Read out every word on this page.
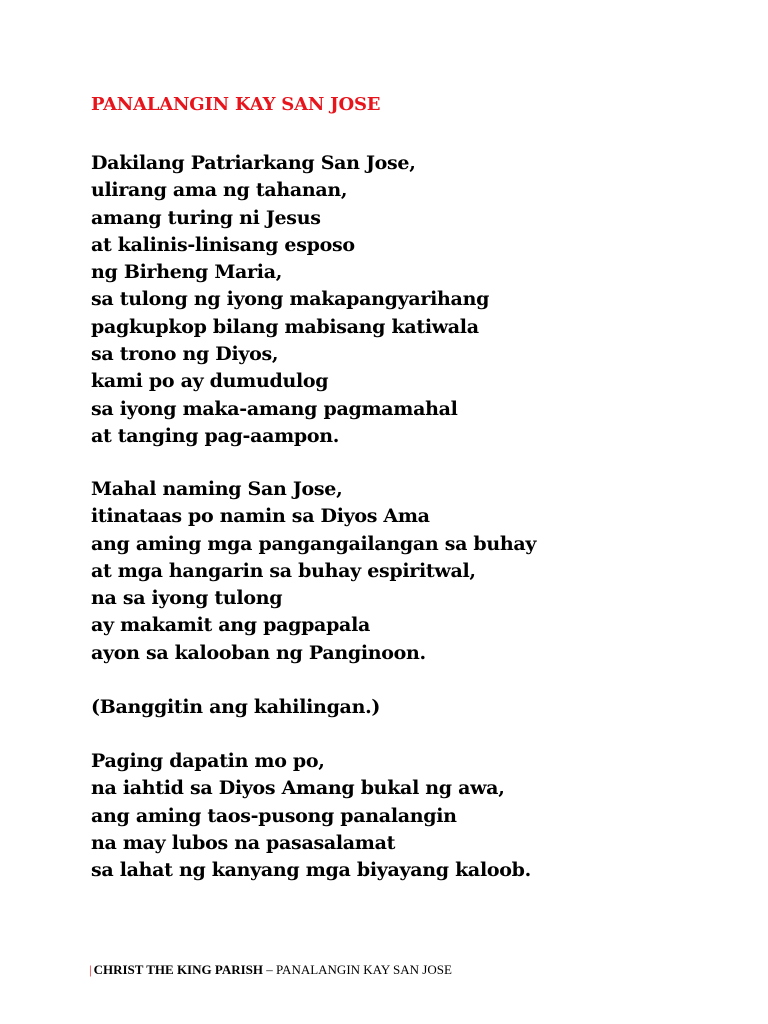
PANALANGIN KAY SAN JOSE

Dakilang Patriarkang San Jose,
ulirang ama ng tahanan,
amang turing ni Jesus
at kalinis-linisang esposo
ng Birheng Maria,
sa tulong ng iyong makapangyarihang
pagkupkop bilang mabisang katiwala
sa trono ng Diyos,
kami po ay dumudulog
sa iyong maka-amang pagmamahal
at tanging pag-aampon.

Mahal naming San Jose,
itinataas po namin sa Diyos Ama
ang aming mga pangangailangan sa buhay
at mga hangarin sa buhay espiritwal,
na sa iyong tulong
ay makamit ang pagpapala
ayon sa kalooban ng Panginoon.

(Banggitin ang kahilingan.)

Paging dapatin mo po,
na iahtid sa Diyos Amang bukal ng awa,
ang aming taos-pusong panalangin
na may lubos na pasasalamat
sa lahat ng kanyang mga biyayang kaloob.

| CHRIST THE KING PARISH – PANALANGIN KAY SAN JOSE
